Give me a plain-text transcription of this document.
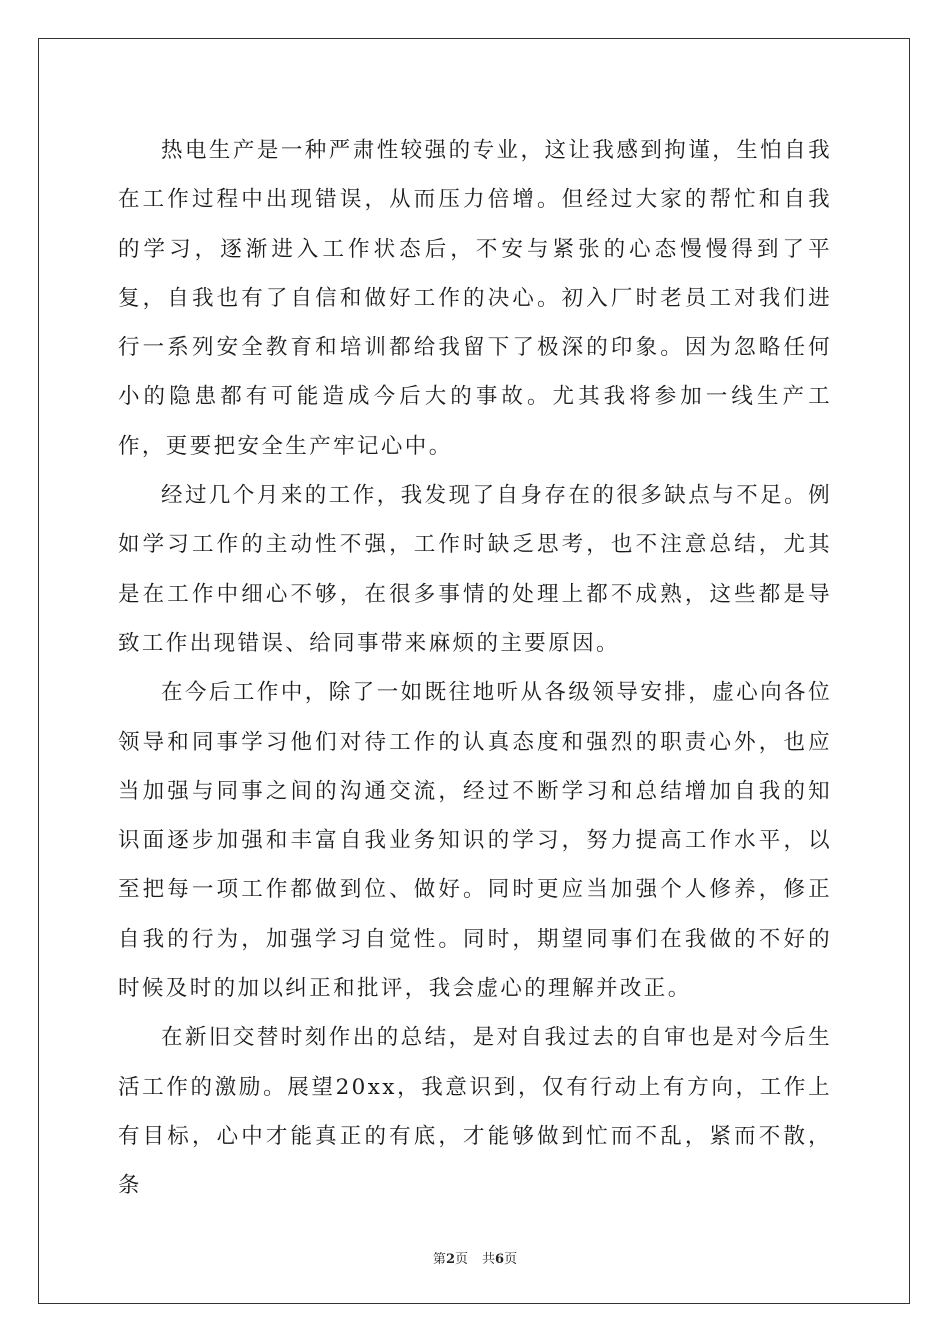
热电生产是一种严肃性较强的专业，这让我感到拘谨，生怕自我在工作过程中出现错误，从而压力倍增。但经过大家的帮忙和自我的学习，逐渐进入工作状态后，不安与紧张的心态慢慢得到了平复，自我也有了自信和做好工作的决心。初入厂时老员工对我们进行一系列安全教育和培训都给我留下了极深的印象。因为忽略任何小的隐患都有可能造成今后大的事故。尤其我将参加一线生产工作，更要把安全生产牢记心中。

经过几个月来的工作，我发现了自身存在的很多缺点与不足。例如学习工作的主动性不强，工作时缺乏思考，也不注意总结，尤其是在工作中细心不够，在很多事情的处理上都不成熟，这些都是导致工作出现错误、给同事带来麻烦的主要原因。

在今后工作中，除了一如既往地听从各级领导安排，虚心向各位领导和同事学习他们对待工作的认真态度和强烈的职责心外，也应当加强与同事之间的沟通交流，经过不断学习和总结增加自我的知识面逐步加强和丰富自我业务知识的学习，努力提高工作水平，以至把每一项工作都做到位、做好。同时更应当加强个人修养，修正自我的行为，加强学习自觉性。同时，期望同事们在我做的不好的时候及时的加以纠正和批评，我会虚心的理解并改正。

在新旧交替时刻作出的总结，是对自我过去的自审也是对今后生活工作的激励。展望20xx，我意识到，仅有行动上有方向，工作上有目标，心中才能真正的有底，才能够做到忙而不乱，紧而不散，条

第2页 共6页
